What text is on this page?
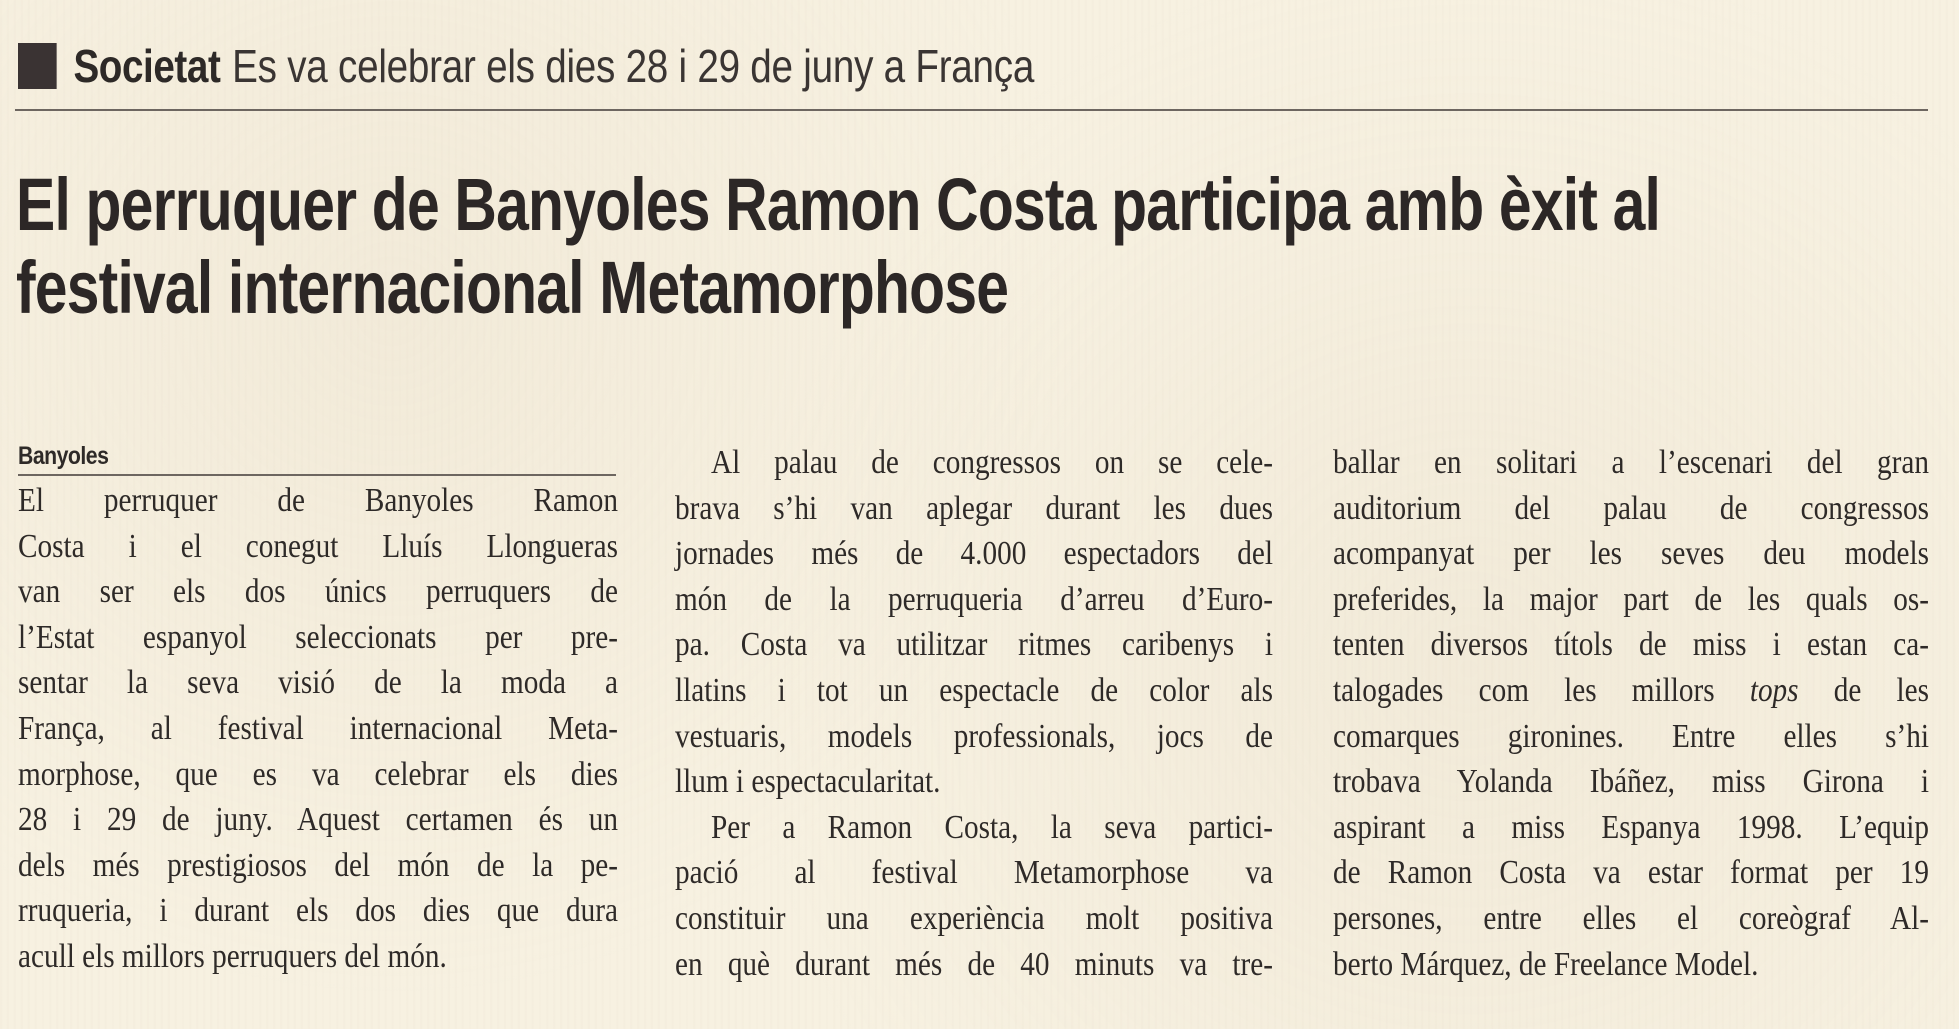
Societat Es va celebrar els dies 28 i 29 de juny a França
El perruquer de Banyoles Ramon Costa participa amb èxit al
festival internacional Metamorphose
Banyoles
El perruquer de Banyoles Ramon
Costa i el conegut Lluís Llongueras
van ser els dos únics perruquers de
l’Estat espanyol seleccionats per pre-
sentar la seva visió de la moda a
França, al festival internacional Meta-
morphose, que es va celebrar els dies
28 i 29 de juny. Aquest certamen és un
dels més prestigiosos del món de la pe-
rruqueria, i durant els dos dies que dura
acull els millors perruquers del món.
Al palau de congressos on se cele-
brava s’hi van aplegar durant les dues
jornades més de 4.000 espectadors del
món de la perruqueria d’arreu d’Euro-
pa. Costa va utilitzar ritmes caribenys i
llatins i tot un espectacle de color als
vestuaris, models professionals, jocs de
llum i espectacularitat.
Per a Ramon Costa, la seva partici-
pació al festival Metamorphose va
constituir una experiència molt positiva
en què durant més de 40 minuts va tre-
ballar en solitari a l’escenari del gran
auditorium del palau de congressos
acompanyat per les seves deu models
preferides, la major part de les quals os-
tenten diversos títols de miss i estan ca-
talogades com les millors tops de les
comarques gironines. Entre elles s’hi
trobava Yolanda Ibáñez, miss Girona i
aspirant a miss Espanya 1998. L’equip
de Ramon Costa va estar format per 19
persones, entre elles el coreògraf Al-
berto Márquez, de Freelance Model.
